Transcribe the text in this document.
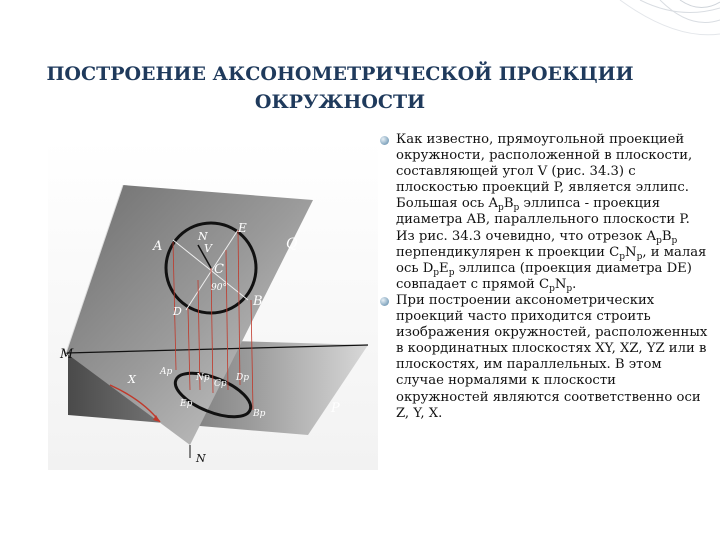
ПОСТРОЕНИЕ АКСОНОМЕТРИЧЕСКОЙ ПРОЕКЦИИ
ОКРУЖНОСТИ
A
E
N
V
C
90°
B
D
Q
M
X
Ap
Np
Cp
Dp
Ep
Bp	P
N

Как известно, прямоугольной проекцией окружности, расположенной в плоскости, составляющей угол V (рис. 34.3) с плоскостью проекций P, является эллипс. Большая ось $A_pB_p$ эллипса - проекция диаметра AB, параллельного плоскости P. Из рис. 34.3 очевидно, что отрезок $A_pB_p$ перпендикулярен к проекции $C_pN_p$, и малая ось $D_pE_p$ эллипса (проекция диаметра DE) совпадает с прямой $C_pN_p$.

При построении аксонометрических проекций часто приходится строить изображения окружностей, расположенных в координатных плоскостях XY, XZ, YZ или в плоскостях, им параллельных. В этом случае нормалями к плоскости окружностей являются соответственно оси Z, Y, X.
